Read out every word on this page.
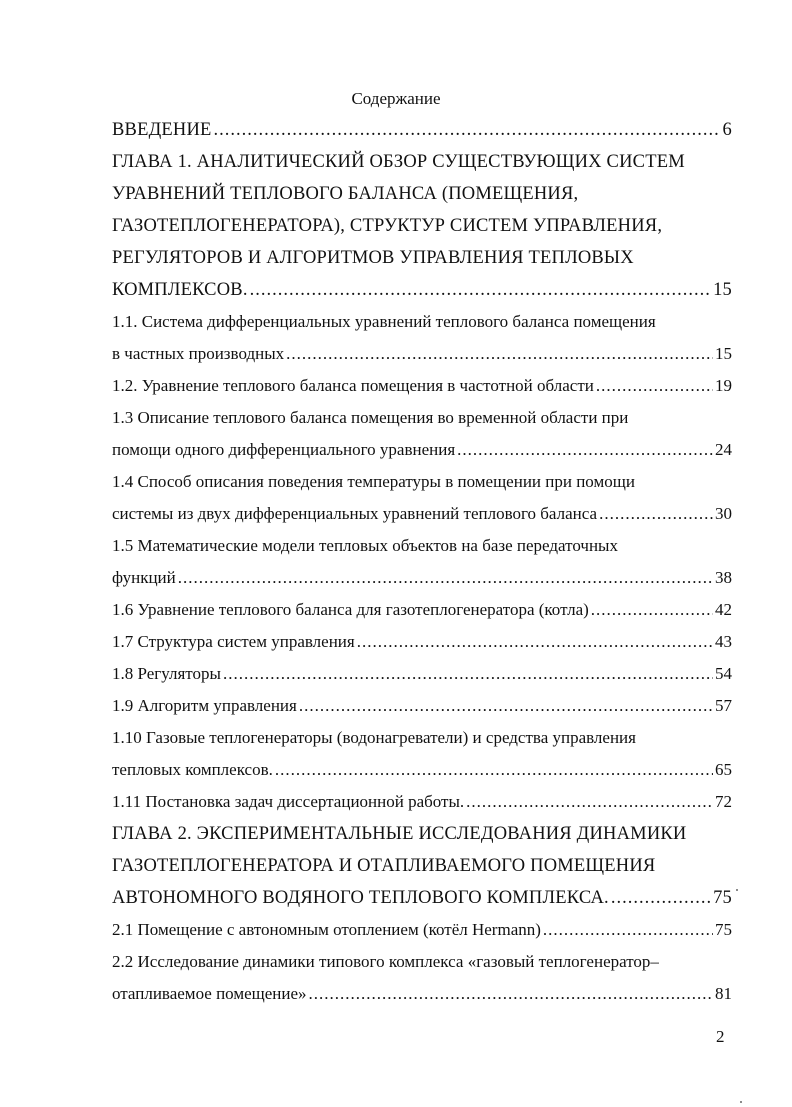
Содержание
ВВЕДЕНИЕ .....	6
ГЛАВА 1. АНАЛИТИЧЕСКИЙ ОБЗОР СУЩЕСТВУЮЩИХ СИСТЕМ
УРАВНЕНИЙ ТЕПЛОВОГО БАЛАНСА (ПОМЕЩЕНИЯ,
ГАЗОТЕПЛОГЕНЕРАТОРА), СТРУКТУР СИСТЕМ УПРАВЛЕНИЯ,
РЕГУЛЯТОРОВ И АЛГОРИТМОВ УПРАВЛЕНИЯ ТЕПЛОВЫХ
КОМПЛЕКСОВ. .....	15
1.1. Система дифференциальных уравнений теплового баланса помещения
в частных производных .....	15
1.2. Уравнение теплового баланса помещения в частотной области .....	19
1.3 Описание теплового баланса помещения во временной области при
помощи одного дифференциального уравнения .....	24
1.4 Способ описания поведения температуры в помещении при помощи
системы из двух дифференциальных уравнений теплового баланса .....	30
1.5 Математические модели тепловых объектов на базе передаточных
функций .....	38
1.6 Уравнение теплового баланса для газотеплогенератора (котла) .....	42
1.7 Структура систем управления .....	43
1.8 Регуляторы .....	54
1.9 Алгоритм управления .....	57
1.10 Газовые теплогенераторы (водонагреватели) и средства управления
тепловых комплексов. .....	65
1.11 Постановка задач диссертационной работы. .....	72
ГЛАВА 2. ЭКСПЕРИМЕНТАЛЬНЫЕ ИССЛЕДОВАНИЯ ДИНАМИКИ
ГАЗОТЕПЛОГЕНЕРАТОРА И ОТАПЛИВАЕМОГО ПОМЕЩЕНИЯ
АВТОНОМНОГО ВОДЯНОГО ТЕПЛОВОГО КОМПЛЕКСА. .....	75
2.1 Помещение с автономным отоплением (котёл Hermann) .....	75
2.2 Исследование динамики типового комплекса «газовый теплогенератор–
отапливаемое помещение» .....	81
2
